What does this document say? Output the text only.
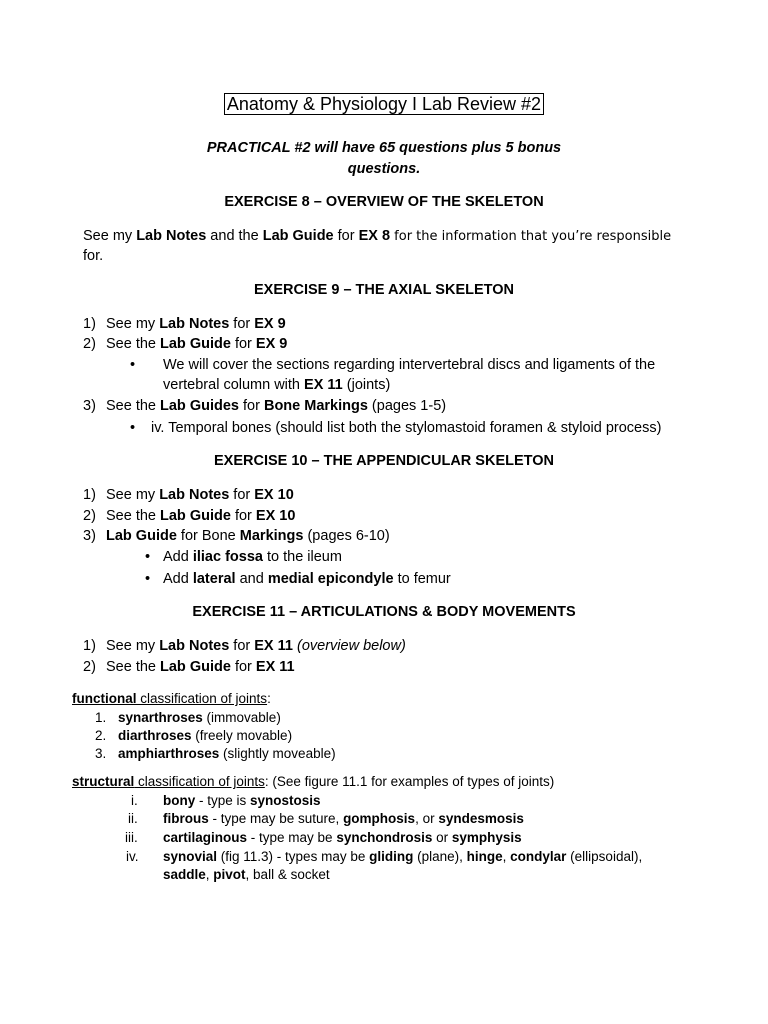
Anatomy & Physiology I Lab Review #2
PRACTICAL #2 will have 65 questions plus 5 bonus
questions.
EXERCISE 8 – OVERVIEW OF THE SKELETON
See my Lab Notes and the Lab Guide for EX 8 for the information that you’re responsible
for.
EXERCISE 9 – THE AXIAL SKELETON
1) See my Lab Notes for EX 9
2) See the Lab Guide for EX 9
• We will cover the sections regarding intervertebral discs and ligaments of the
vertebral column with EX 11 (joints)
3) See the Lab Guides for Bone Markings (pages 1-5)
• iv. Temporal bones (should list both the stylomastoid foramen & styloid process)
EXERCISE 10 – THE APPENDICULAR SKELETON
1) See my Lab Notes for EX 10
2) See the Lab Guide for EX 10
3) Lab Guide for Bone Markings (pages 6-10)
• Add iliac fossa to the ileum
• Add lateral and medial epicondyle to femur
EXERCISE 11 – ARTICULATIONS & BODY MOVEMENTS
1) See my Lab Notes for EX 11 (overview below)
2) See the Lab Guide for EX 11
functional classification of joints:
1. synarthroses (immovable)
2. diarthroses (freely movable)
3. amphiarthroses (slightly moveable)
structural classification of joints: (See figure 11.1 for examples of types of joints)
i. bony - type is synostosis
ii. fibrous - type may be suture, gomphosis, or syndesmosis
iii. cartilaginous - type may be synchondrosis or symphysis
iv. synovial (fig 11.3) - types may be gliding (plane), hinge, condylar (ellipsoidal),
saddle, pivot, ball & socket
